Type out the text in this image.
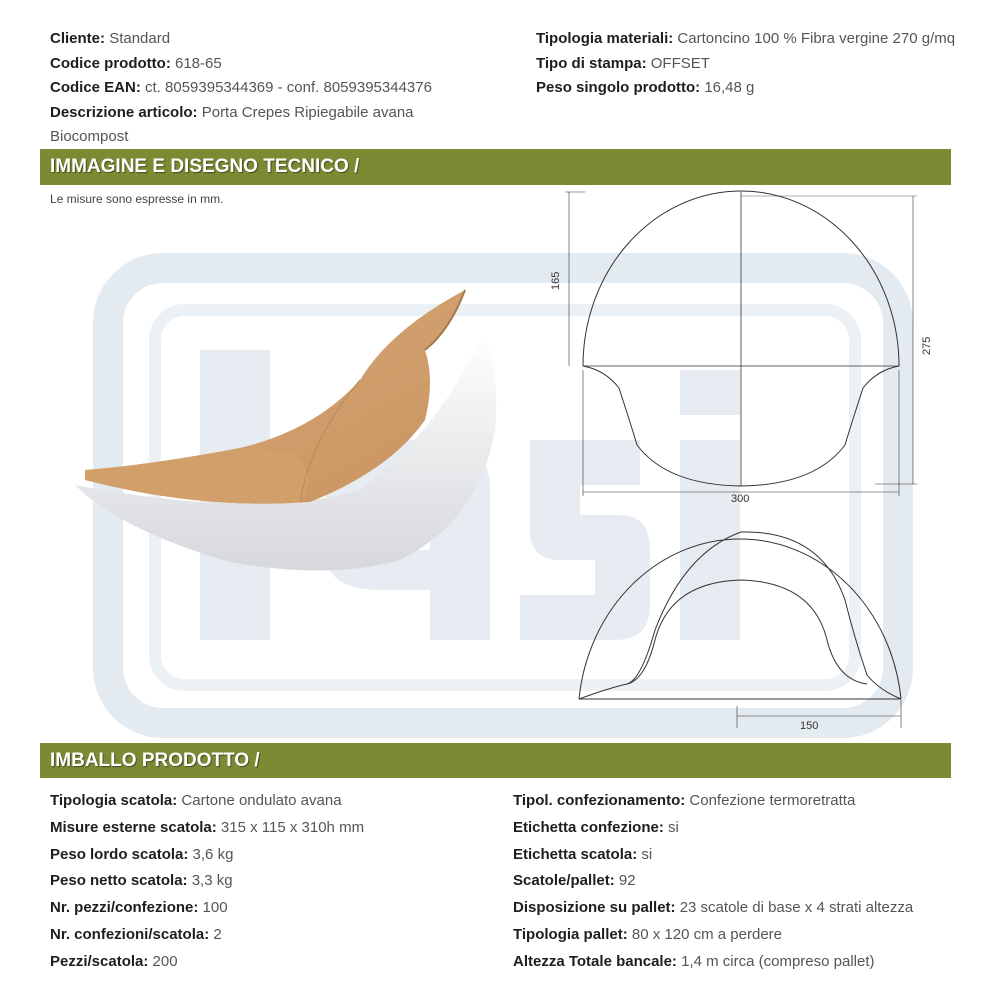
Cliente: Standard
Codice prodotto: 618-65
Codice EAN: ct. 8059395344369 - conf. 8059395344376
Descrizione articolo: Porta Crepes Ripiegabile avana Biocompost
Tipologia materiali: Cartoncino 100 % Fibra vergine 270 g/mq
Tipo di stampa: OFFSET
Peso singolo prodotto: 16,48 g
IMMAGINE E DISEGNO TECNICO /
Le misure sono espresse in mm.
165
275
300
150
IMBALLO PRODOTTO /
Tipologia scatola: Cartone ondulato avana
Misure esterne scatola: 315 x 115 x 310h mm
Peso lordo scatola: 3,6 kg
Peso netto scatola: 3,3 kg
Nr. pezzi/confezione: 100
Nr. confezioni/scatola: 2
Pezzi/scatola: 200
Tipol. confezionamento: Confezione termoretratta
Etichetta confezione: si
Etichetta scatola: si
Scatole/pallet: 92
Disposizione su pallet: 23 scatole di base x 4 strati altezza
Tipologia pallet: 80 x 120 cm a perdere
Altezza Totale bancale: 1,4 m circa (compreso pallet)
